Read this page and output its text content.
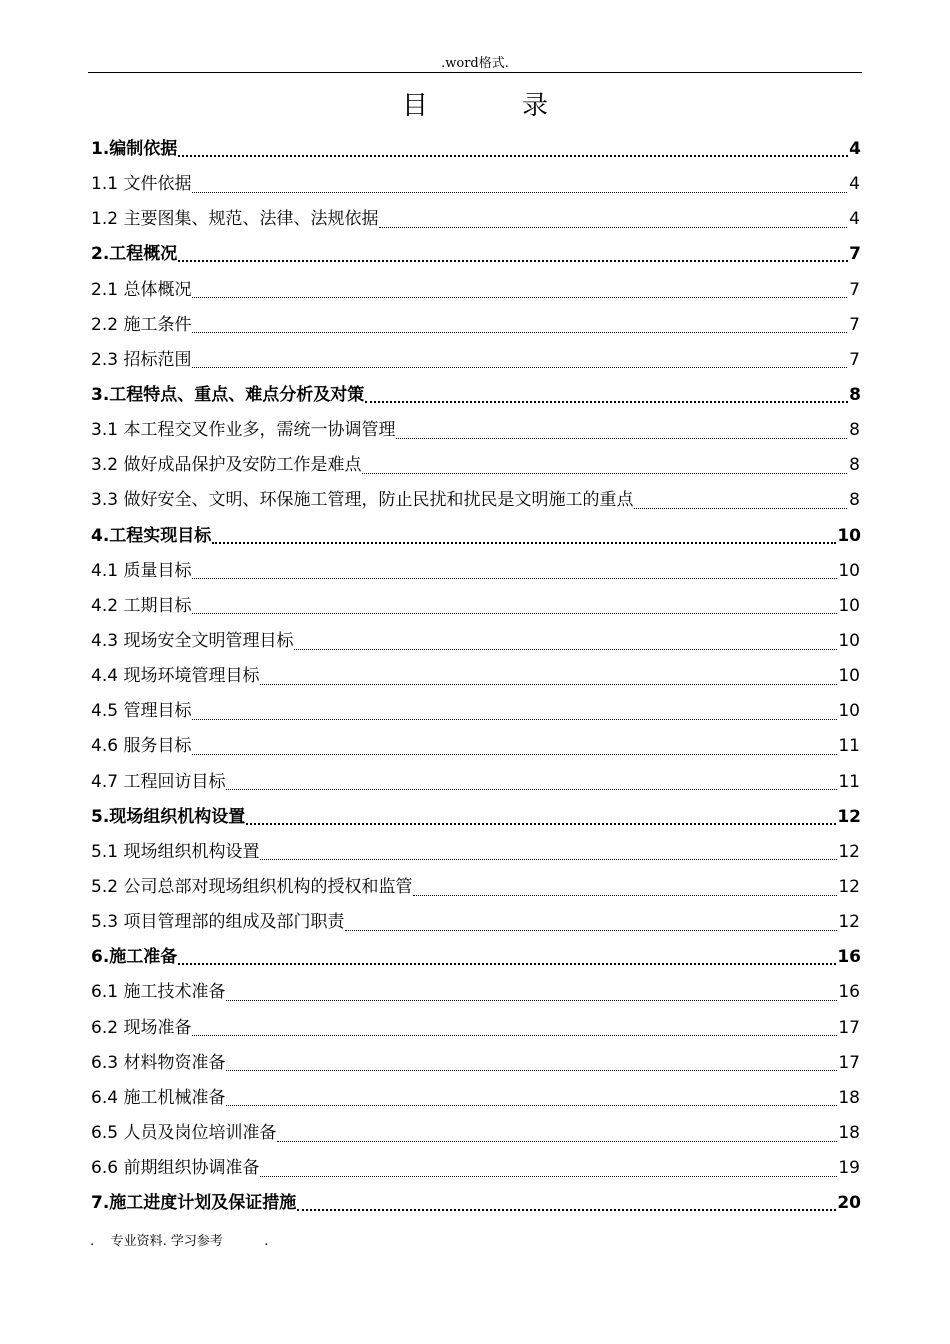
.word格式.
目　录
1.编制依据	4
1.1 文件依据	4
1.2 主要图集、规范、法律、法规依据	4
2.工程概况	7
2.1 总体概况	7
2.2 施工条件	7
2.3 招标范围	7
3.工程特点、重点、难点分析及对策	8
3.1 本工程交叉作业多，需统一协调管理	8
3.2 做好成品保护及安防工作是难点	8
3.3 做好安全、文明、环保施工管理，防止民扰和扰民是文明施工的重点	8
4.工程实现目标	10
4.1 质量目标	10
4.2 工期目标	10
4.3 现场安全文明管理目标	10
4.4 现场环境管理目标	10
4.5 管理目标	10
4.6 服务目标	11
4.7 工程回访目标	11
5.现场组织机构设置	12
5.1 现场组织机构设置	12
5.2 公司总部对现场组织机构的授权和监管	12
5.3 项目管理部的组成及部门职责	12
6.施工准备	16
6.1 施工技术准备	16
6.2 现场准备	17
6.3 材料物资准备	17
6.4 施工机械准备	18
6.5 人员及岗位培训准备	18
6.6 前期组织协调准备	19
7.施工进度计划及保证措施	20
.    专业资料. 学习参考          .
